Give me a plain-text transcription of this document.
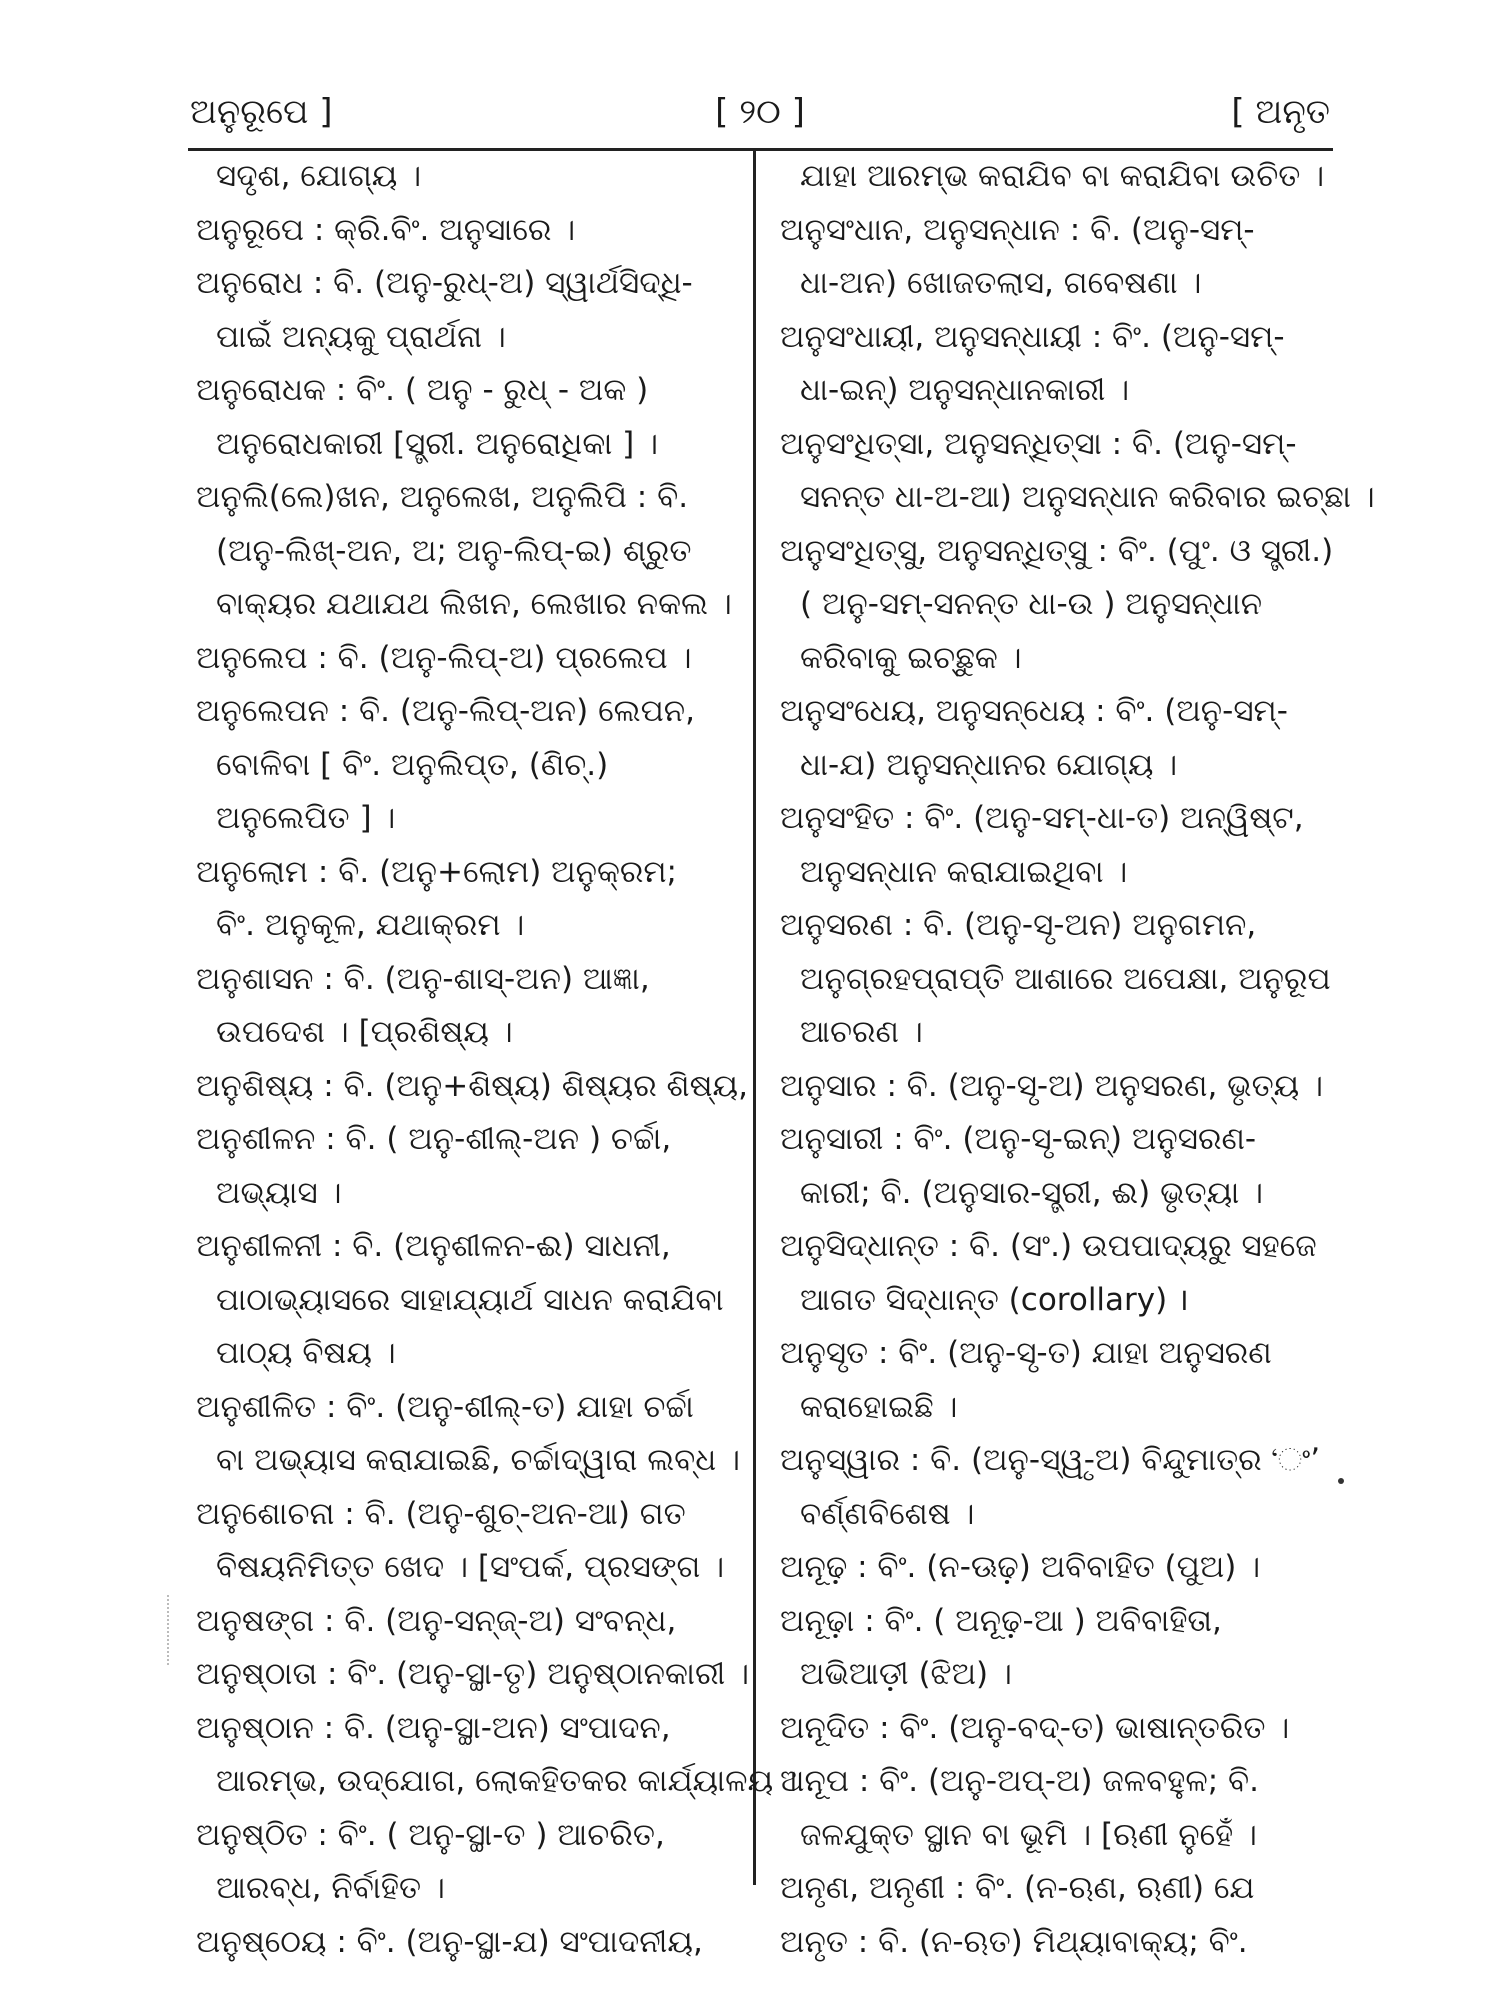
ଅନୁରୂପେ ]	[ ୨୦ ]	[ ଅନୃତ
ସଦୃଶ, ଯୋଗ୍ୟ ।
ଅନୁରୂପେ : କ୍ରି.ବିଂ. ଅନୁସାରେ ।
ଅନୁରୋଧ : ବି. (ଅନୁ-ରୁଧ୍-ଅ) ସ୍ୱାର୍ଥସିଦ୍ଧି-
ପାଇଁ ଅନ୍ୟକୁ ପ୍ରାର୍ଥନା ।
ଅନୁରୋଧକ : ବିଂ. ( ଅନୁ - ରୁଧ୍ - ଅକ )
ଅନୁରୋଧକାରୀ [ସ୍ତ୍ରୀ. ଅନୁରୋଧିକା ] ।
ଅନୁଲି(ଲେ)ଖନ, ଅନୁଲେଖ, ଅନୁଲିପି : ବି.
(ଅନୁ-ଲିଖ୍-ଅନ, ଅ; ଅନୁ-ଲିପ୍-ଇ) ଶ୍ରୁତ
ବାକ୍ୟର ଯଥାଯଥ ଲିଖନ, ଲେଖାର ନକଲ ।
ଅନୁଲେପ : ବି. (ଅନୁ-ଲିପ୍-ଅ) ପ୍ରଲେପ ।
ଅନୁଲେପନ : ବି. (ଅନୁ-ଲିପ୍-ଅନ) ଲେପନ,
ବୋଳିବା [ ବିଂ. ଅନୁଲିପ୍ତ, (ଣିଚ୍.)
ଅନୁଲେପିତ ] ।
ଅନୁଲୋମ : ବି. (ଅନୁ+ଲୋମ) ଅନୁକ୍ରମ;
ବିଂ. ଅନୁକୂଳ, ଯଥାକ୍ରମ ।
ଅନୁଶାସନ : ବି. (ଅନୁ-ଶାସ୍-ଅନ) ଆଜ୍ଞା,
ଉପଦେଶ । [ପ୍ରଶିଷ୍ୟ ।
ଅନୁଶିଷ୍ୟ : ବି. (ଅନୁ+ଶିଷ୍ୟ) ଶିଷ୍ୟର ଶିଷ୍ୟ,
ଅନୁଶୀଳନ : ବି. ( ଅନୁ-ଶୀଲ୍-ଅନ ) ଚର୍ଚ୍ଚା,
ଅଭ୍ୟାସ ।
ଅନୁଶୀଳନୀ : ବି. (ଅନୁଶୀଳନ-ଈ) ସାଧନୀ,
ପାଠାଭ୍ୟାସରେ ସାହାଯ୍ୟାର୍ଥ ସାଧନ କରାଯିବା
ପାଠ୍ୟ ବିଷୟ ।
ଅନୁଶୀଳିତ : ବିଂ. (ଅନୁ-ଶୀଲ୍-ତ) ଯାହା ଚର୍ଚ୍ଚା
ବା ଅଭ୍ୟାସ କରାଯାଇଛି, ଚର୍ଚ୍ଚାଦ୍ୱାରା ଲବ୍ଧ ।
ଅନୁଶୋଚନା : ବି. (ଅନୁ-ଶୁଚ୍-ଅନ-ଆ) ଗତ
ବିଷୟନିମିତ୍ତ ଖେଦ । [ସଂପର୍କ, ପ୍ରସଙ୍ଗ ।
ଅନୁଷଙ୍ଗ : ବି. (ଅନୁ-ସନ୍ଜ୍-ଅ) ସଂବନ୍ଧ,
ଅନୁଷ୍ଠାତା : ବିଂ. (ଅନୁ-ସ୍ଥା-ତୃ) ଅନୁଷ୍ଠାନକାରୀ ।
ଅନୁଷ୍ଠାନ : ବି. (ଅନୁ-ସ୍ଥା-ଅନ) ସଂପାଦନ,
ଆରମ୍ଭ, ଉଦ୍‌ଯୋଗ, ଲୋକହିତକର କାର୍ଯ୍ୟାଳୟ ।
ଅନୁଷ୍ଠିତ : ବିଂ. ( ଅନୁ-ସ୍ଥା-ତ ) ଆଚରିତ,
ଆରବ୍ଧ, ନିର୍ବାହିତ ।
ଅନୁଷ୍ଠେୟ : ବିଂ. (ଅନୁ-ସ୍ଥା-ଯ) ସଂପାଦନୀୟ,
ଯାହା ଆରମ୍ଭ କରାଯିବ ବା କରାଯିବା ଉଚିତ ।
ଅନୁସଂଧାନ, ଅନୁସନ୍ଧାନ : ବି. (ଅନୁ-ସମ୍-
ଧା-ଅନ) ଖୋଜତଲାସ, ଗବେଷଣା ।
ଅନୁସଂଧାୟୀ, ଅନୁସନ୍ଧାୟୀ : ବିଂ. (ଅନୁ-ସମ୍-
ଧା-ଇନ୍) ଅନୁସନ୍ଧାନକାରୀ ।
ଅନୁସଂଧିତ୍ସା, ଅନୁସନ୍ଧିତ୍ସା : ବି. (ଅନୁ-ସମ୍-
ସନନ୍ତ ଧା-ଅ-ଆ) ଅନୁସନ୍ଧାନ କରିବାର ଇଚ୍ଛା ।
ଅନୁସଂଧିତ୍ସୁ, ଅନୁସନ୍ଧିତ୍ସୁ : ବିଂ. (ପୁଂ. ଓ ସ୍ତ୍ରୀ.)
( ଅନୁ-ସମ୍-ସନନ୍ତ ଧା-ଉ ) ଅନୁସନ୍ଧାନ
କରିବାକୁ ଇଚ୍ଛୁକ ।
ଅନୁସଂଧେୟ, ଅନୁସନ୍ଧେୟ : ବିଂ. (ଅନୁ-ସମ୍-
ଧା-ଯ) ଅନୁସନ୍ଧାନର ଯୋଗ୍ୟ ।
ଅନୁସଂହିତ : ବିଂ. (ଅନୁ-ସମ୍-ଧା-ତ) ଅନ୍ୱିଷ୍ଟ,
ଅନୁସନ୍ଧାନ କରାଯାଇଥିବା ।
ଅନୁସରଣ : ବି. (ଅନୁ-ସୃ-ଅନ) ଅନୁଗମନ,
ଅନୁଗ୍ରହପ୍ରାପ୍ତି ଆଶାରେ ଅପେକ୍ଷା, ଅନୁରୂପ
ଆଚରଣ ।
ଅନୁସାର : ବି. (ଅନୁ-ସୃ-ଅ) ଅନୁସରଣ, ଭୃତ୍ୟ ।
ଅନୁସାରୀ : ବିଂ. (ଅନୁ-ସୃ-ଇନ୍) ଅନୁସରଣ-
କାରୀ; ବି. (ଅନୁସାର-ସ୍ତ୍ରୀ, ଈ) ଭୃତ୍ୟା ।
ଅନୁସିଦ୍ଧାନ୍ତ : ବି. (ସଂ.) ଉପପାଦ୍ୟରୁ ସହଜେ
ଆଗତ ସିଦ୍ଧାନ୍ତ (corollary) ।
ଅନୁସୃତ : ବିଂ. (ଅନୁ-ସୃ-ତ) ଯାହା ଅନୁସରଣ
କରାହୋଇଛି ।
ଅନୁସ୍ୱାର : ବି. (ଅନୁ-ସ୍ୱୃ-ଅ) ବିନ୍ଦୁମାତ୍ର ‘ଂ’
ବର୍ଣ୍ଣବିଶେଷ ।
ଅନୂଢ଼ : ବିଂ. (ନ-ଊଢ଼) ଅବିବାହିତ (ପୁଅ) ।
ଅନୂଢ଼ା : ବିଂ. ( ଅନୂଢ଼-ଆ ) ଅବିବାହିତା,
ଅଭିଆଡ଼ୀ (ଝିଅ) ।
ଅନୂଦିତ : ବିଂ. (ଅନୁ-ବଦ୍-ତ) ଭାଷାନ୍ତରିତ ।
ଅନୂପ : ବିଂ. (ଅନୁ-ଅପ୍-ଅ) ଜଳବହୁଳ; ବି.
ଜଳଯୁକ୍ତ ସ୍ଥାନ ବା ଭୂମି । [ଋଣୀ ନୁହେଁ ।
ଅନୃଣ, ଅନୃଣୀ : ବିଂ. (ନ-ଋଣ, ଋଣୀ) ଯେ
ଅନୃତ : ବି. (ନ-ଋତ) ମିଥ୍ୟାବାକ୍ୟ; ବିଂ.
